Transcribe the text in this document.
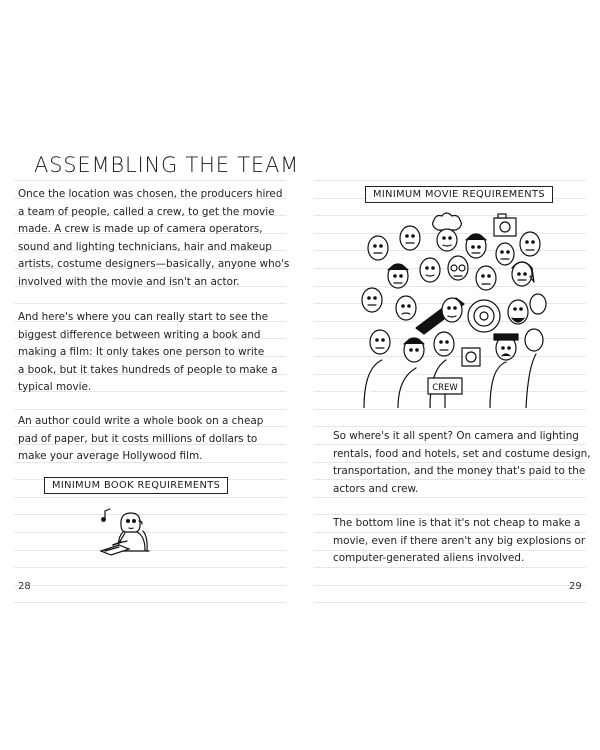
ASSEMBLING THE TEAM

Once the location was chosen, the producers hired
a team of people, called a crew, to get the movie
made. A crew is made up of camera operators,
sound and lighting technicians, hair and makeup
artists, costume designers—basically, anyone who's
involved with the movie and isn't an actor.

And here's where you can really start to see the
biggest difference between writing a book and
making a film: It only takes one person to write
a book, but it takes hundreds of people to make a
typical movie.

An author could write a whole book on a cheap
pad of paper, but it costs millions of dollars to
make your average Hollywood film.

MINIMUM BOOK REQUIREMENTS
28
MINIMUM MOVIE REQUIREMENTS
CREW

So where's it all spent? On camera and lighting
rentals, food and hotels, set and costume design,
transportation, and the money that's paid to the
actors and crew.

The bottom line is that it's not cheap to make a
movie, even if there aren't any big explosions or
computer-generated aliens involved.

29
